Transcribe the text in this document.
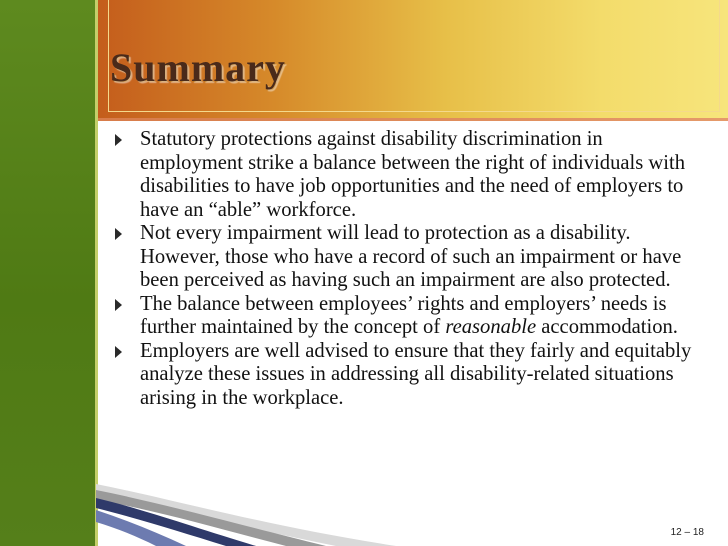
Summary
Statutory protections against disability discrimination in employment strike a balance between the right of individuals with disabilities to have job opportunities and the need of employers to have an “able” workforce.
Not every impairment will lead to protection as a disability. However, those who have a record of such an impairment or have been perceived as having such an impairment are also protected.
The balance between employees’ rights and employers’ needs is further maintained by the concept of reasonable accommodation.
Employers are well advised to ensure that they fairly and equitably analyze these issues in addressing all disability-related situations arising in the workplace.
12 – 18
